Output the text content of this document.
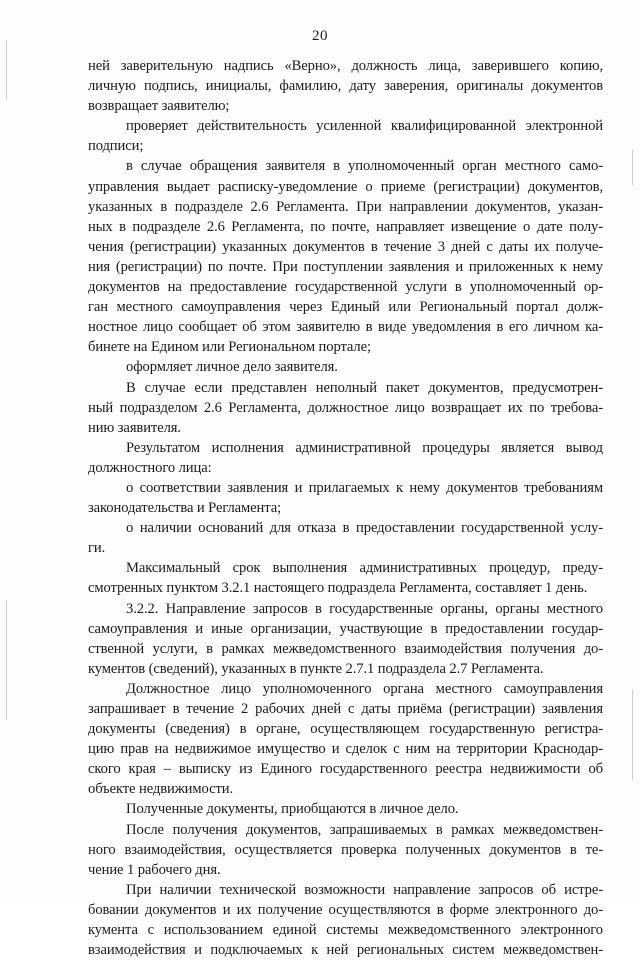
20
ней заверительную надпись «Верно», должность лица, заверившего копию,
личную подпись, инициалы, фамилию, дату заверения, оригиналы документов
возвращает заявителю;
проверяет действительность усиленной квалифицированной электронной
подписи;
в случае обращения заявителя в уполномоченный орган местного само-
управления выдает расписку-уведомление о приеме (регистрации) документов,
указанных в подразделе 2.6 Регламента. При направлении документов, указан-
ных в подразделе 2.6 Регламента, по почте, направляет извещение о дате полу-
чения (регистрации) указанных документов в течение 3 дней с даты их получе-
ния (регистрации) по почте. При поступлении заявления и приложенных к нему
документов на предоставление государственной услуги в уполномоченный ор-
ган местного самоуправления через Единый или Региональный портал долж-
ностное лицо сообщает об этом заявителю в виде уведомления в его личном ка-
бинете на Едином или Региональном портале;
оформляет личное дело заявителя.
В случае если представлен неполный пакет документов, предусмотрен-
ный подразделом 2.6 Регламента, должностное лицо возвращает их по требова-
нию заявителя.
Результатом исполнения административной процедуры является вывод
должностного лица:
о соответствии заявления и прилагаемых к нему документов требованиям
законодательства и Регламента;
о наличии оснований для отказа в предоставлении государственной услу-
ги.
Максимальный срок выполнения административных процедур, преду-
смотренных пунктом 3.2.1 настоящего подраздела Регламента, составляет 1 день.
3.2.2. Направление запросов в государственные органы, органы местного
самоуправления и иные организации, участвующие в предоставлении государ-
ственной услуги, в рамках межведомственного взаимодействия получения до-
кументов (сведений), указанных в пункте 2.7.1 подраздела 2.7 Регламента.
Должностное лицо уполномоченного органа местного самоуправления
запрашивает в течение 2 рабочих дней с даты приёма (регистрации) заявления
документы (сведения) в органе, осуществляющем государственную регистра-
цию прав на недвижимое имущество и сделок с ним на территории Краснодар-
ского края – выписку из Единого государственного реестра недвижимости об
объекте недвижимости.
Полученные документы, приобщаются в личное дело.
После получения документов, запрашиваемых в рамках межведомствен-
ного взаимодействия, осуществляется проверка полученных документов в те-
чение 1 рабочего дня.
При наличии технической возможности направление запросов об истре-
бовании документов и их получение осуществляются в форме электронного до-
кумента с использованием единой системы межведомственного электронного
взаимодействия и подключаемых к ней региональных систем межведомствен-
